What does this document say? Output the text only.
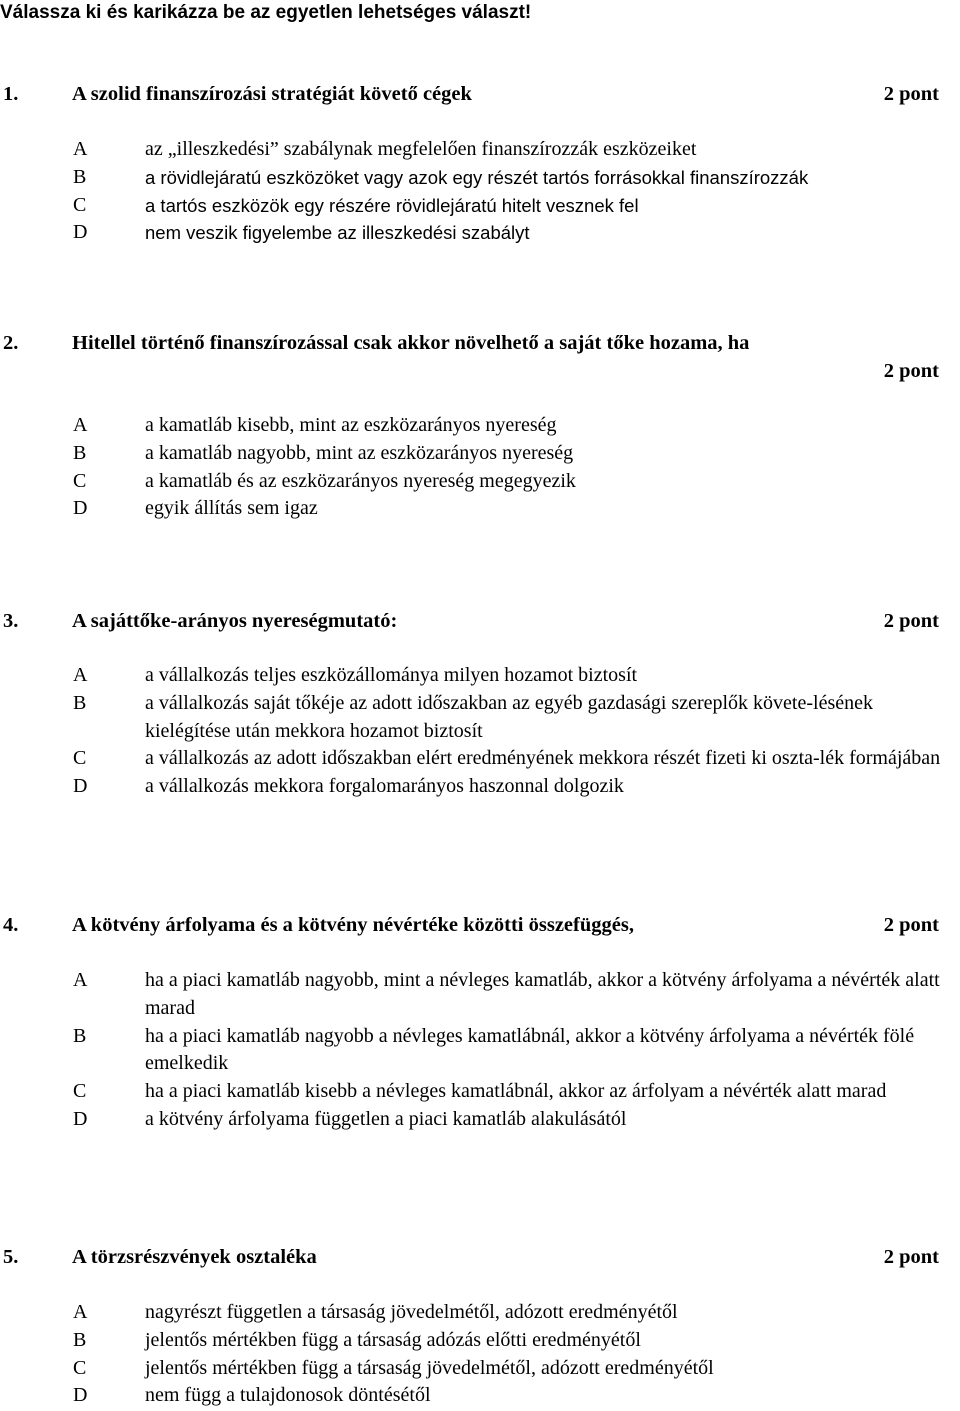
Válassza ki és karikázza be az egyetlen lehetséges választ!
1.	A szolid finanszírozási stratégiát követő cégek	2 pont
A	az „illeszkedési” szabálynak megfelelően finanszírozzák eszközeiket
B	a rövidlejáratú eszközöket vagy azok egy részét tartós forrásokkal finanszírozzák
C	a tartós eszközök egy részére rövidlejáratú hitelt vesznek fel
D	nem veszik figyelembe az illeszkedési szabályt
2.	Hitellel történő finanszírozással csak akkor növelhető a saját tőke hozama, ha
2 pont
A	a kamatláb kisebb, mint az eszközarányos nyereség
B	a kamatláb nagyobb, mint az eszközarányos nyereség
C	a kamatláb és az eszközarányos nyereség megegyezik
D	egyik állítás sem igaz
3.	A sajáttőke-arányos nyereségmutató:	2 pont
A	a vállalkozás teljes eszközállománya milyen hozamot biztosít
B	a vállalkozás saját tőkéje az adott időszakban az egyéb gazdasági szereplők követe-lésének kielégítése után mekkora hozamot biztosít
C	a vállalkozás az adott időszakban elért eredményének mekkora részét fizeti ki oszta-lék formájában
D	a vállalkozás mekkora forgalomarányos haszonnal dolgozik
4.	A kötvény árfolyama és a kötvény névértéke közötti összefüggés,	2 pont
A	ha a piaci kamatláb nagyobb, mint a névleges kamatláb, akkor a kötvény árfolyama a névérték alatt marad
B	ha a piaci kamatláb nagyobb a névleges kamatlábnál, akkor a kötvény árfolyama a névérték fölé emelkedik
C	ha a piaci kamatláb kisebb a névleges kamatlábnál, akkor az árfolyam a névérték alatt marad
D	a kötvény árfolyama független a piaci kamatláb alakulásától
5.	A törzsrészvények osztaléka	2 pont
A	nagyrészt független a társaság jövedelmétől, adózott eredményétől
B	jelentős mértékben függ a társaság adózás előtti eredményétől
C	jelentős mértékben függ a társaság jövedelmétől, adózott eredményétől
D	nem függ a tulajdonosok döntésétől
